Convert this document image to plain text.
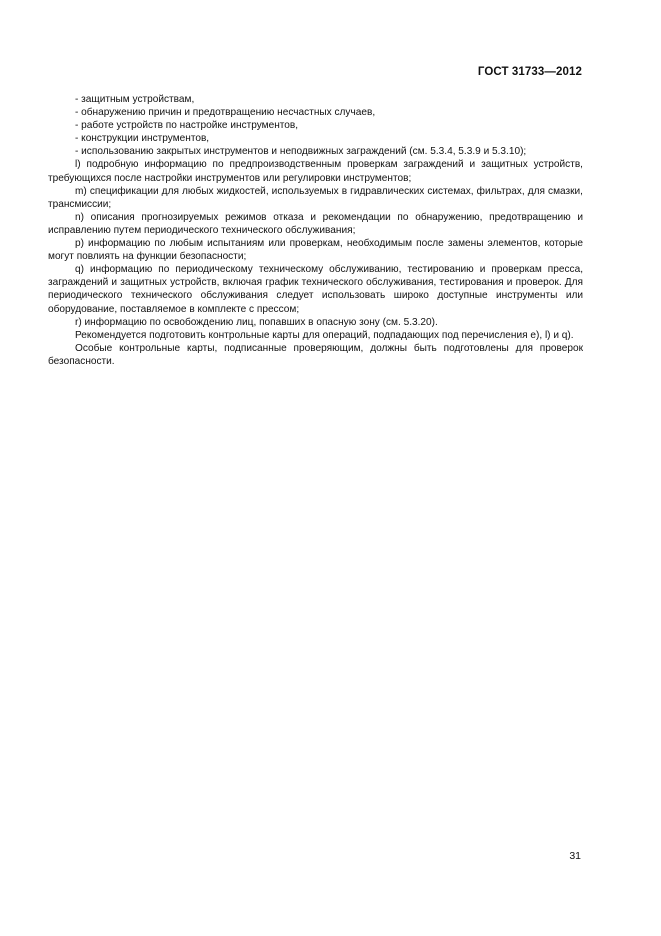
ГОСТ 31733—2012

- защитным устройствам,

- обнаружению причин и предотвращению несчастных случаев,

- работе устройств по настройке инструментов,

- конструкции инструментов,

- использованию закрытых инструментов и неподвижных заграждений (см. 5.3.4, 5.3.9 и 5.3.10);

l) подробную информацию по предпроизводственным проверкам заграждений и защитных устройств, требующихся после настройки инструментов или регулировки инструментов;

m) спецификации для любых жидкостей, используемых в гидравлических системах, фильтрах, для смазки, трансмиссии;

n) описания прогнозируемых режимов отказа и рекомендации по обнаружению, предотвращению и исправлению путем периодического технического обслуживания;

p) информацию по любым испытаниям или проверкам, необходимым после замены элементов, которые могут повлиять на функции безопасности;

q) информацию по периодическому техническому обслуживанию, тестированию и проверкам пресса, заграждений и защитных устройств, включая график технического обслуживания, тестирования и проверок. Для периодического технического обслуживания следует использовать широко доступные инструменты или оборудование, поставляемое в комплекте с прессом;

r) информацию по освобождению лиц, попавших в опасную зону (см. 5.3.20).

Рекомендуется подготовить контрольные карты для операций, подпадающих под перечисления e), l) и q).

Особые контрольные карты, подписанные проверяющим, должны быть подготовлены для проверок безопасности.

31
